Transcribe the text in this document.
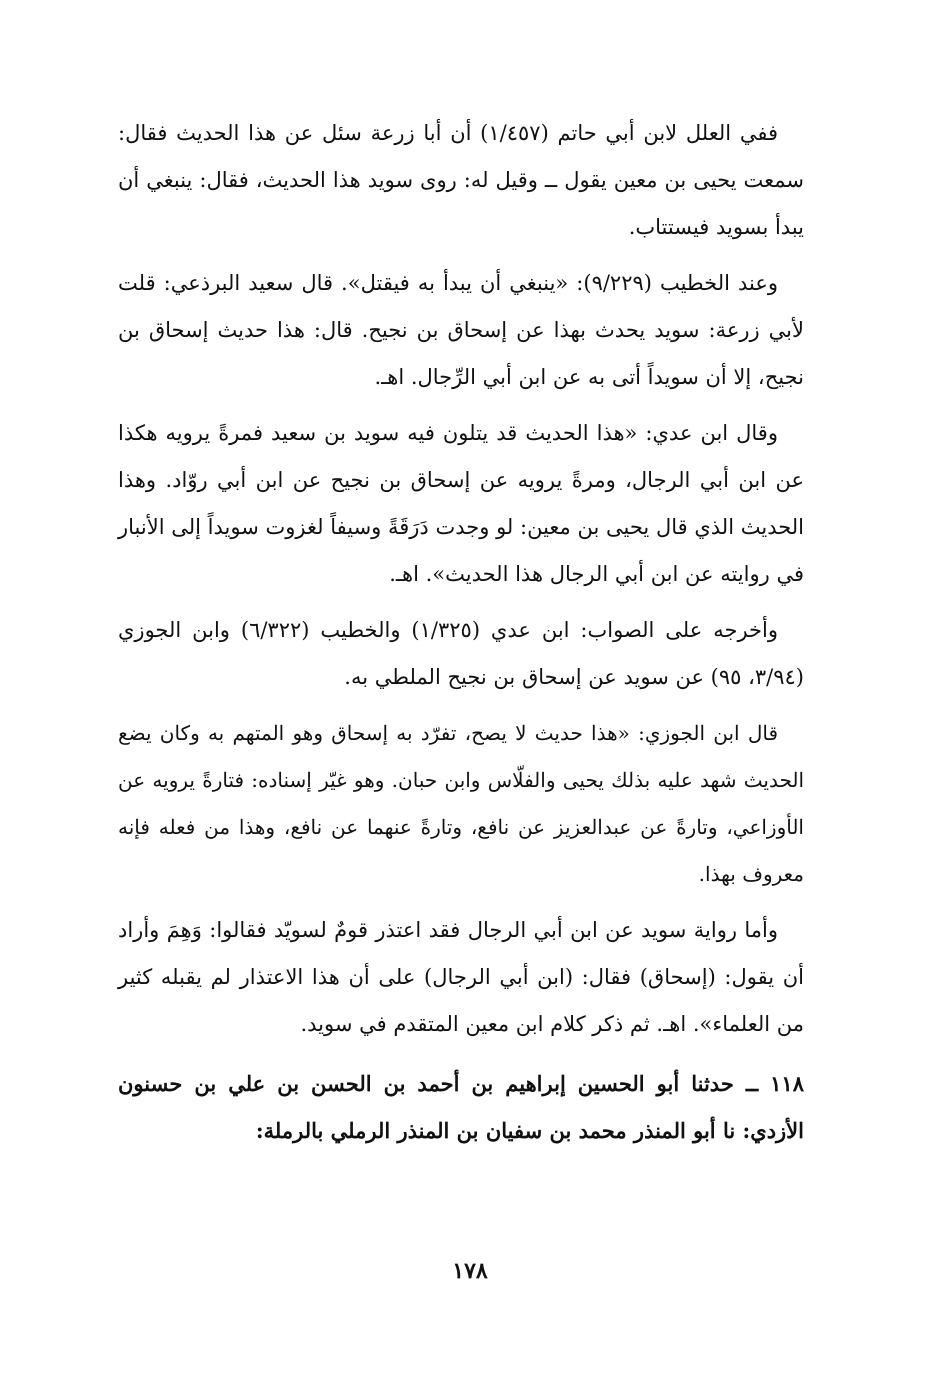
ففي العلل لابن أبي حاتم (١/٤٥٧) أن أبا زرعة سئل عن هذا الحديث فقال: سمعت يحيى بن معين يقول ــ وقيل له: روى سويد هذا الحديث، فقال: ينبغي أن يبدأ بسويد فيستتاب.

وعند الخطيب (٩/٢٢٩): «ينبغي أن يبدأ به فيقتل». قال سعيد البرذعي: قلت لأبي زرعة: سويد يحدث بهذا عن إسحاق بن نجيح. قال: هذا حديث إسحاق بن نجيح، إلا أن سويداً أتى به عن ابن أبي الرِّجال. اهـ.

وقال ابن عدي: «هذا الحديث قد يتلون فيه سويد بن سعيد فمرةً يرويه هكذا عن ابن أبي الرجال، ومرةً يرويه عن إسحاق بن نجيح عن ابن أبي روّاد. وهذا الحديث الذي قال يحيى بن معين: لو وجدت دَرَقَةً وسيفاً لغزوت سويداً إلى الأنبار في روايته عن ابن أبي الرجال هذا الحديث». اهـ.

وأخرجه على الصواب: ابن عدي (١/٣٢٥) والخطيب (٦/٣٢٢) وابن الجوزي (٣/٩٤، ٩٥) عن سويد عن إسحاق بن نجيح الملطي به.

قال ابن الجوزي: «هذا حديث لا يصح، تفرّد به إسحاق وهو المتهم به وكان يضع الحديث شهد عليه بذلك يحيى والفلّاس وابن حبان. وهو غيّر إسناده: فتارةً يرويه عن الأوزاعي، وتارةً عن عبدالعزيز عن نافع، وتارةً عنهما عن نافع، وهذا من فعله فإنه معروف بهذا.

وأما رواية سويد عن ابن أبي الرجال فقد اعتذر قومٌ لسويّد فقالوا: وَهِمَ وأراد أن يقول: (إسحاق) فقال: (ابن أبي الرجال) على أن هذا الاعتذار لم يقبله كثير من العلماء». اهـ. ثم ذكر كلام ابن معين المتقدم في سويد.

١١٨ ــ حدثنا أبو الحسين إبراهيم بن أحمد بن الحسن بن علي بن حسنون الأزدي: نا أبو المنذر محمد بن سفيان بن المنذر الرملي بالرملة:

١٧٨
